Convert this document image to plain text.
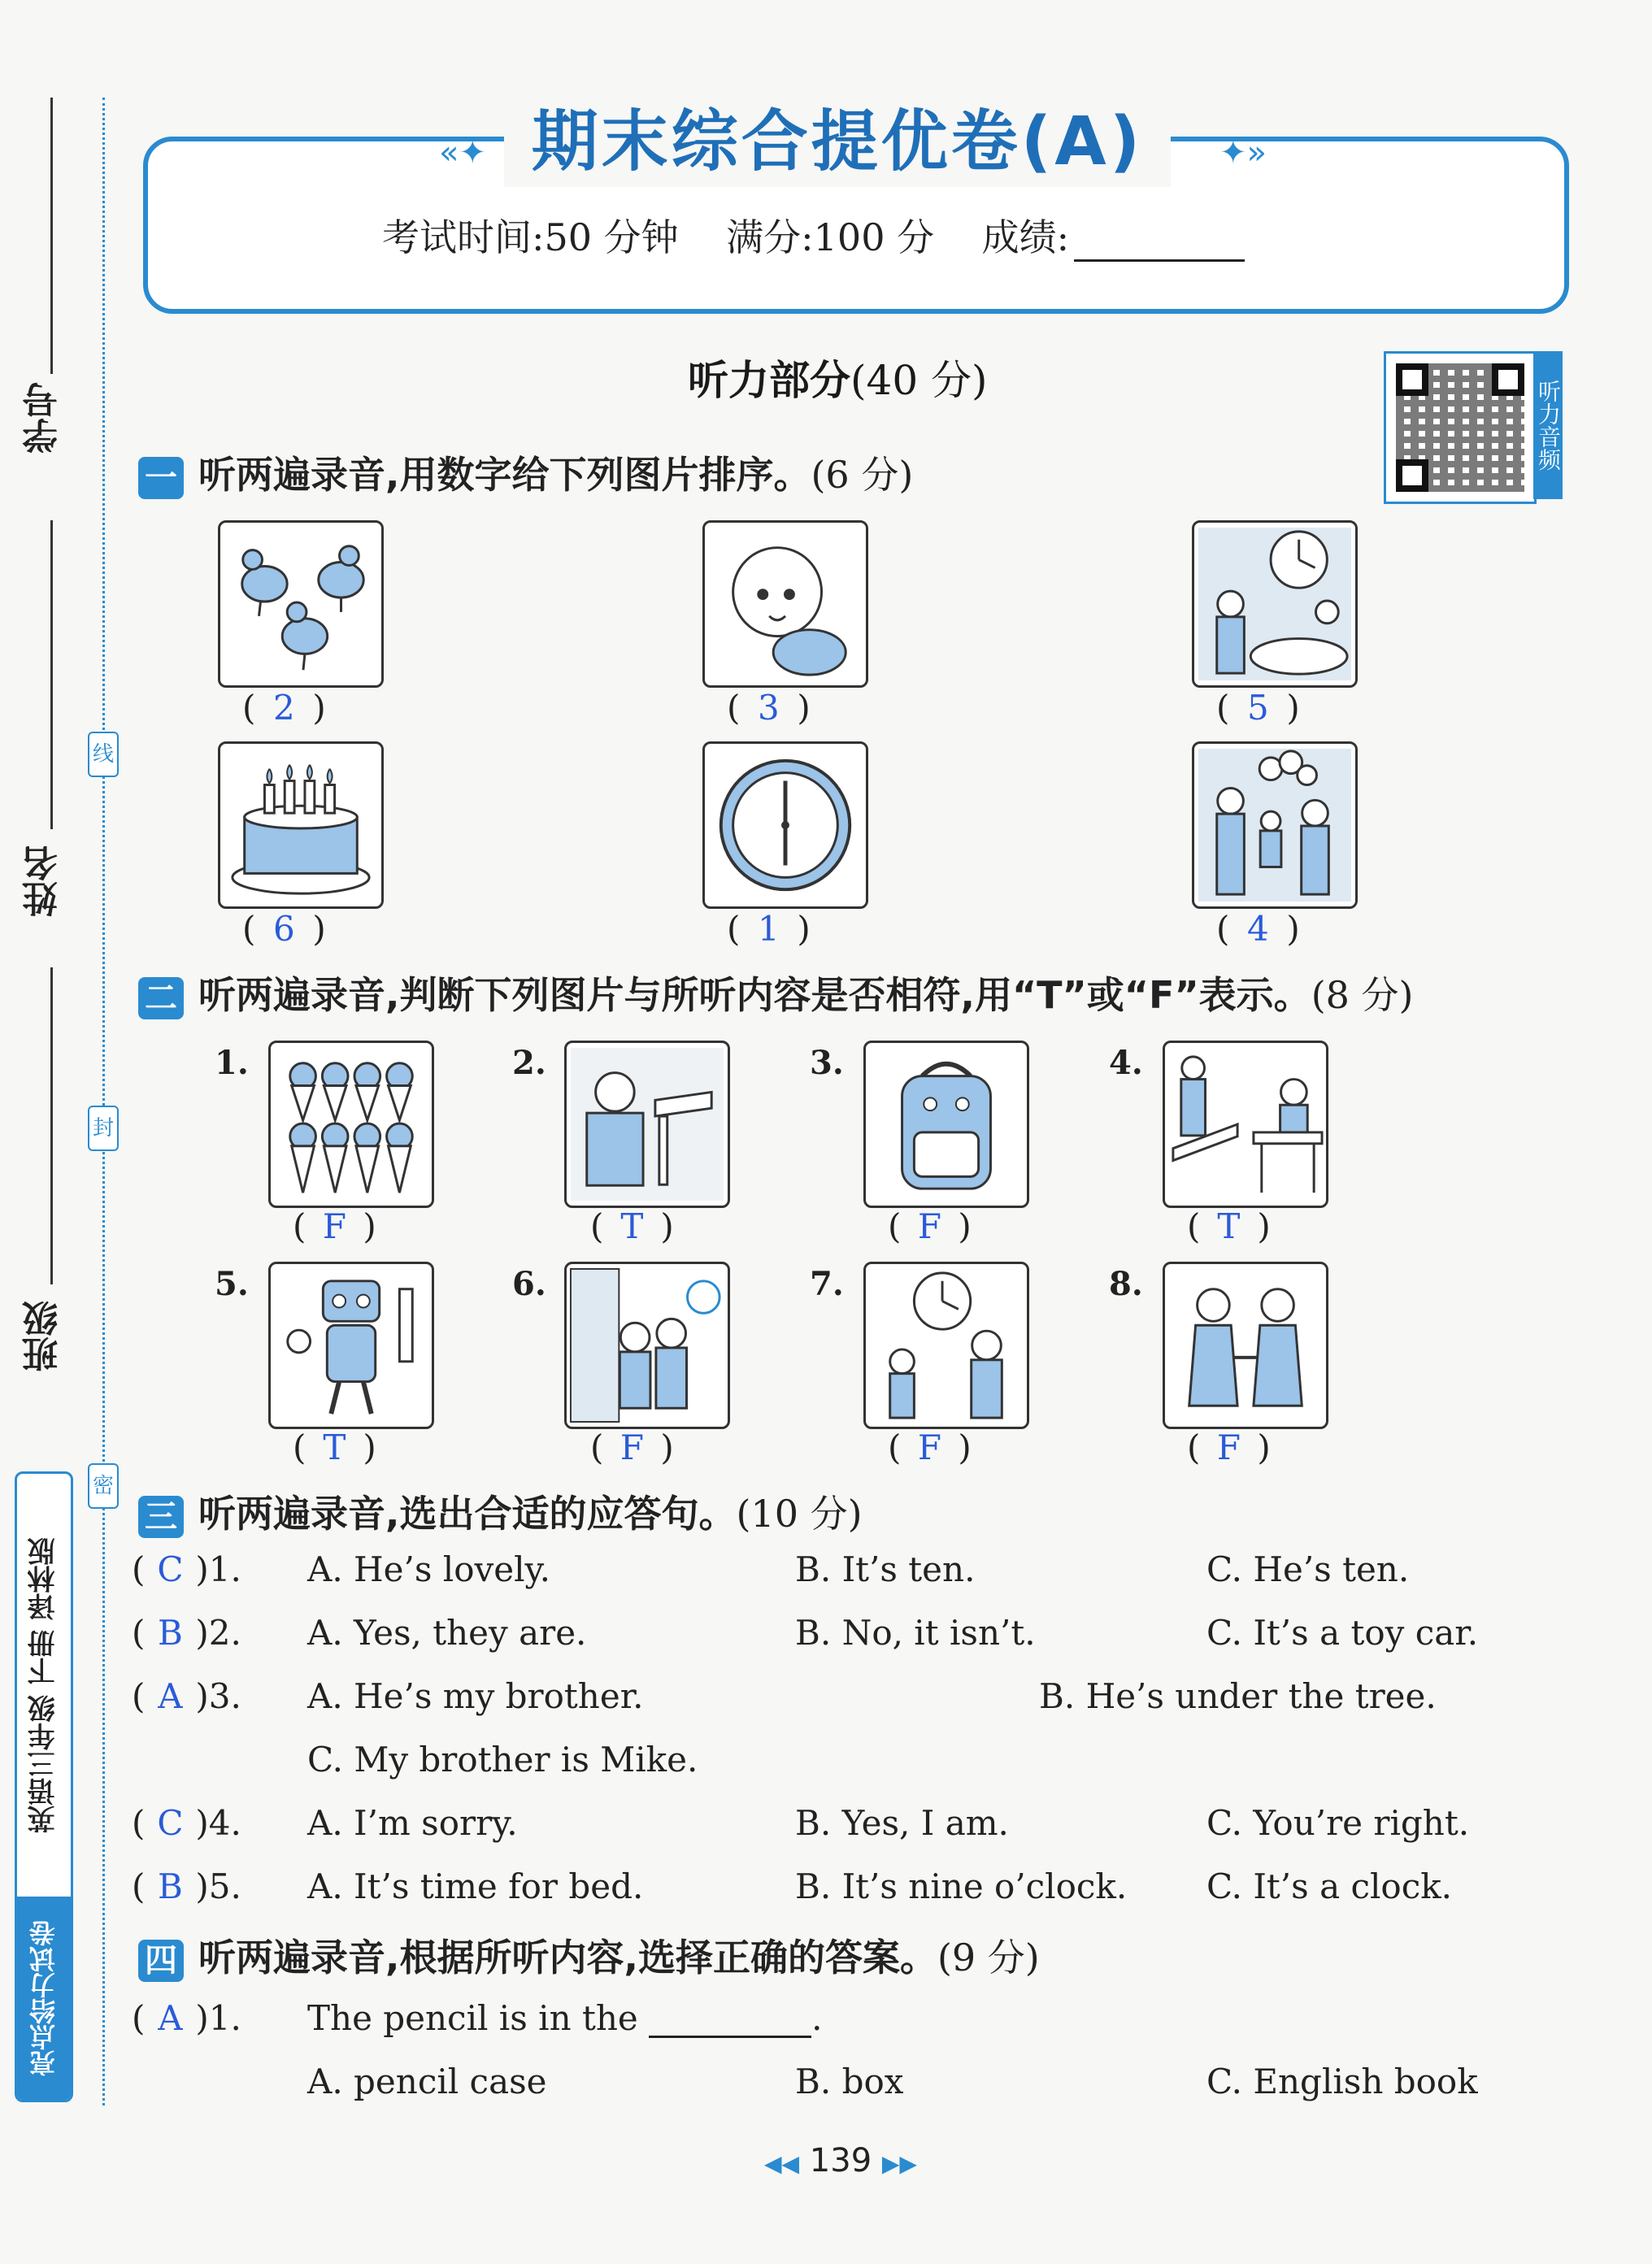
学号
姓名
班级
线
封
密
英语三年级 下册 译林版
亮点给力试卷
期末综合提优卷(A)
«✦	✦»
考试时间:50 分钟 满分:100 分 成绩:
听力部分(40 分)	听力音频
一 听两遍录音,用数字给下列图片排序。(6 分)
( 2 )	( 3 )	( 5 )
( 6 )	( 1 )	( 4 )
二 听两遍录音,判断下列图片与所听内容是否相符,用“T”或“F”表示。(8 分)
1.	2.	3.	4.
( F )	( T )	( F )	( T )
5.	6.	7.	8.
( T )	( F )	( F )	( F )
三 听两遍录音,选出合适的应答句。(10 分)
( C )1. A. He’s lovely.	B. It’s ten.	C. He’s ten.
( B )2. A. Yes, they are.	B. No, it isn’t.	C. It’s a toy car.
( A )3. A. He’s my brother.	B. He’s under the tree.
C. My brother is Mike.
( C )4. A. I’m sorry.	B. Yes, I am.	C. You’re right.
( B )5. A. It’s time for bed.	B. It’s nine o’clock. C. It’s a clock.
四 听两遍录音,根据所听内容,选择正确的答案。(9 分)
( A )1. The pencil is in the	.
A. pencil case	B. box	C. English book
◀◀ 139 ▶▶
